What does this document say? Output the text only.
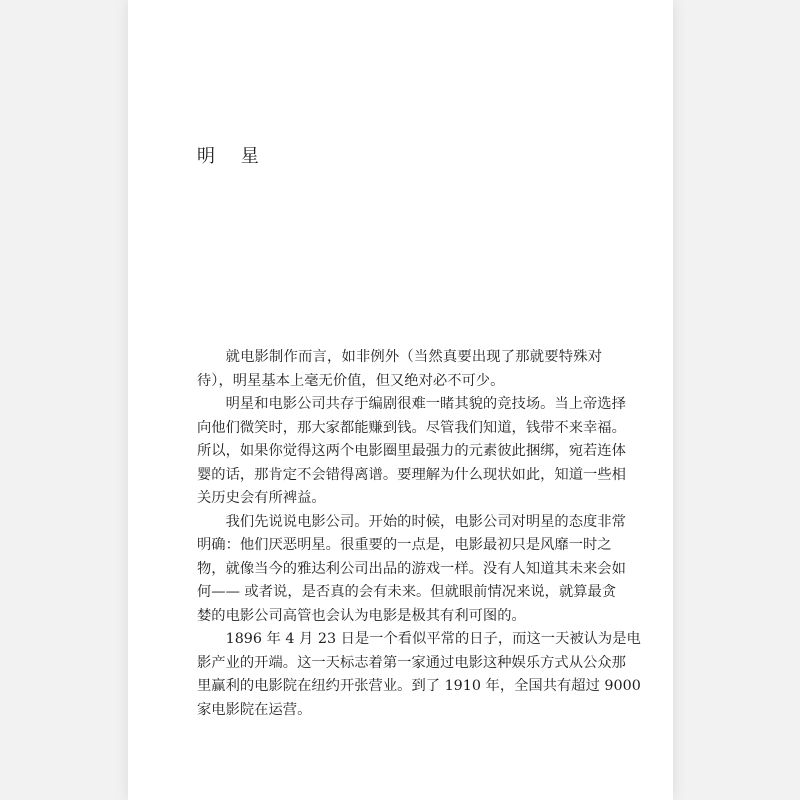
明 星

就电影制作而言，如非例外（当然真要出现了那就要特殊对
待），明星基本上毫无价值，但又绝对必不可少。

明星和电影公司共存于编剧很难一睹其貌的竞技场。当上帝选择
向他们微笑时，那大家都能赚到钱。尽管我们知道，钱带不来幸福。
所以，如果你觉得这两个电影圈里最强力的元素彼此捆绑，宛若连体
婴的话，那肯定不会错得离谱。要理解为什么现状如此，知道一些相
关历史会有所裨益。

我们先说说电影公司。开始的时候，电影公司对明星的态度非常
明确：他们厌恶明星。很重要的一点是，电影最初只是风靡一时之
物，就像当今的雅达利公司出品的游戏一样。没有人知道其未来会如
何—— 或者说，是否真的会有未来。但就眼前情况来说，就算最贪
婪的电影公司高管也会认为电影是极其有利可图的。

1896 年 4 月 23 日是一个看似平常的日子，而这一天被认为是电
影产业的开端。这一天标志着第一家通过电影这种娱乐方式从公众那
里赢利的电影院在纽约开张营业。到了 1910 年，全国共有超过 9000
家电影院在运营。
